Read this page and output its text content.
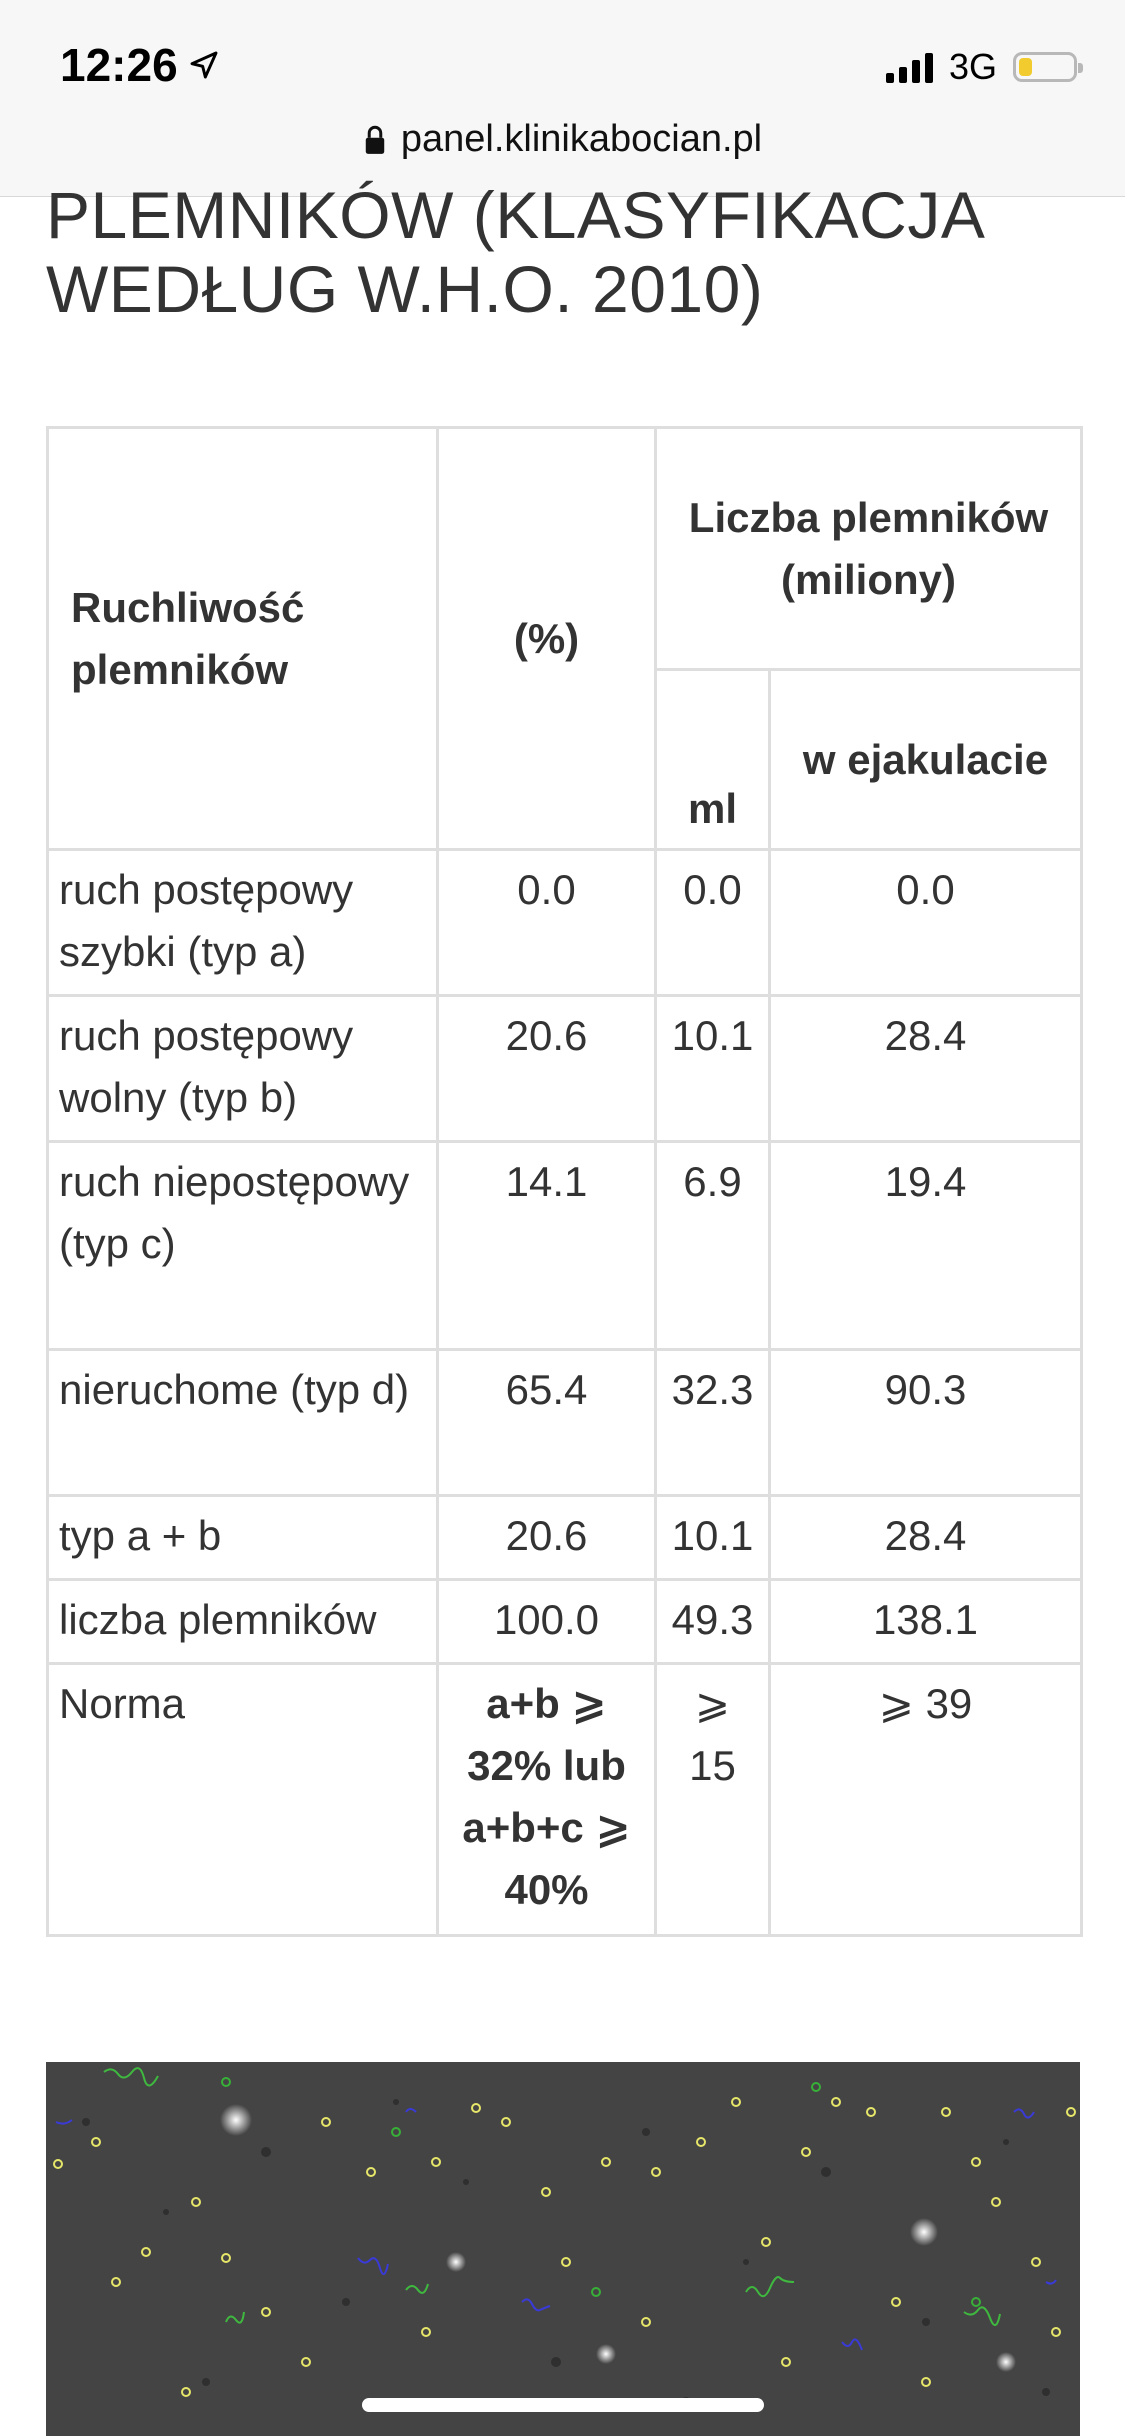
12:26	3G
panel.klinikabocian.pl
PLEMNIKÓW (KLASYFIKACJA
WEDŁUG W.H.O. 2010)
Ruchliwość plemników	(%)	Liczba plemników (miliony)	
		ml	w ejakulacie
ruch postępowy szybki (typ a)	0.0	0.0	0.0
ruch postępowy wolny (typ b)	20.6	10.1	28.4
ruch niepostępowy (typ c)	14.1	6.9	19.4
nieruchome (typ d)	65.4	32.3	90.3
typ a + b	20.6	10.1	28.4
liczba plemników	100.0	49.3	138.1
Norma	a+b ⩾ 32% lub a+b+c ⩾ 40%	⩾ 15	⩾ 39
